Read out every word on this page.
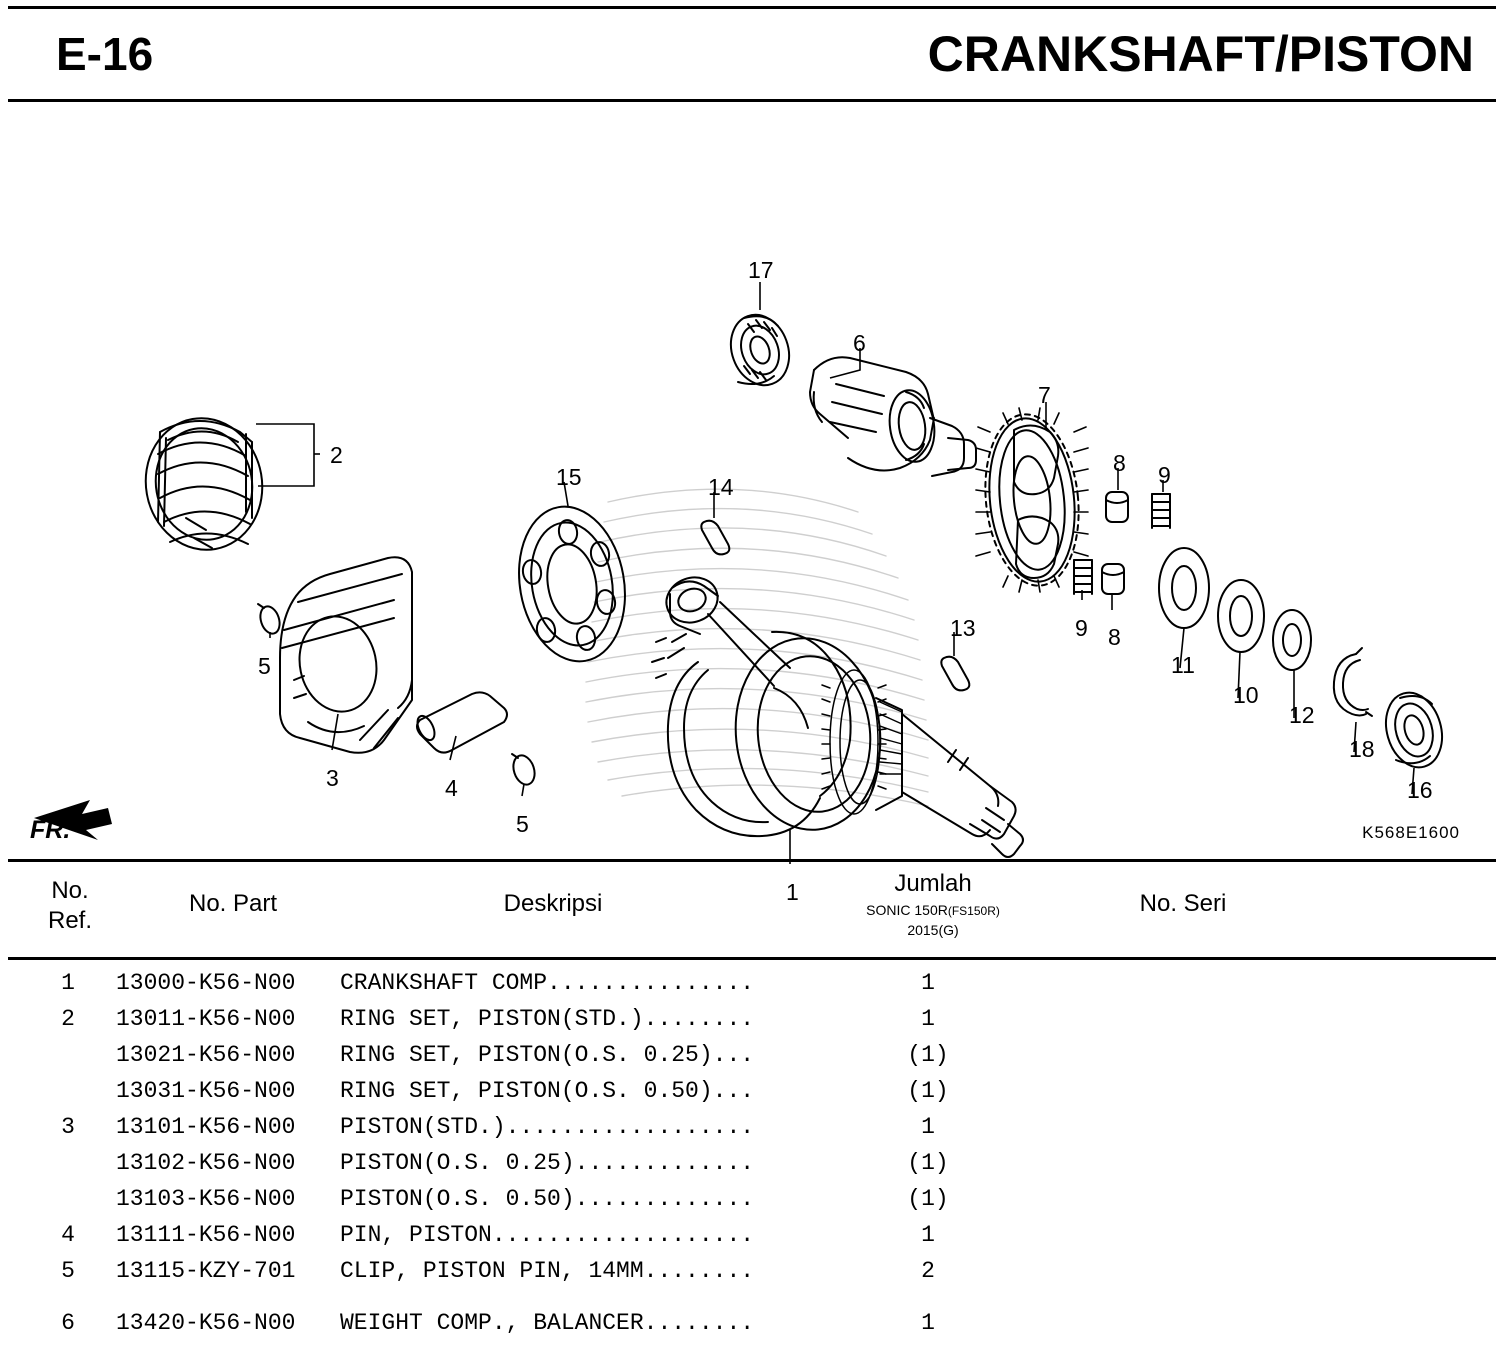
E-16	CRANKSHAFT/PISTON
FR.	K568E1600
17
6
7
8 9
2
15	14
9 8
13
11
10
12
18
16
5
3	4
5
1
No.
Ref.
No. Part	Deskripsi
Jumlah
SONIC 150R(FS150R)
2015(G)
No. Seri
1	13000-K56-N00 CRANKSHAFT COMP...............	1
2	13011-K56-N00 RING SET, PISTON(STD.)........	1
13021-K56-N00 RING SET, PISTON(O.S. 0.25)...	(1)
13031-K56-N00 RING SET, PISTON(O.S. 0.50)...	(1)
3	13101-K56-N00 PISTON(STD.)..................	1
13102-K56-N00 PISTON(O.S. 0.25).............	(1)
13103-K56-N00 PISTON(O.S. 0.50).............	(1)
4	13111-K56-N00 PIN, PISTON...................	1
5	13115-KZY-701 CLIP, PISTON PIN, 14MM........	2
6	13420-K56-N00 WEIGHT COMP., BALANCER........	1
